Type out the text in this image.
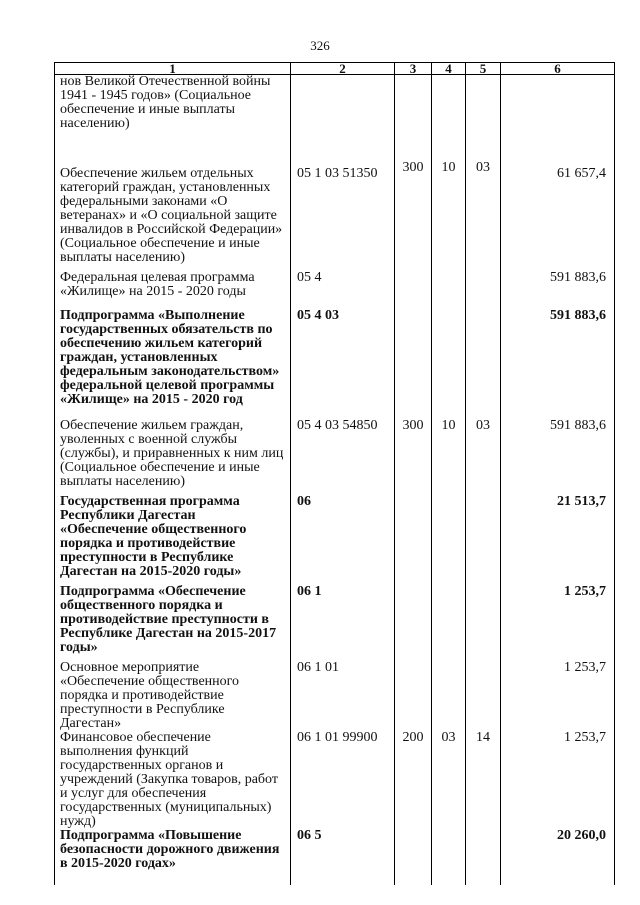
326
1	2	3	4	5	6
нов Великой Отечественной войны 1941 - 1945 годов» (Социальное обеспечение и иные выплаты населению)					
Обеспечение жильем отдельных категорий граждан, установленных федеральными законами «О ветеранах» и «О социальной защите инвалидов в Российской Федерации» (Социальное обеспечение и иные выплаты населению)	05 1 03 51350	300	10	03	61 657,4
Федеральная целевая программа «Жилище» на 2015 - 2020 годы	05 4				591 883,6
Подпрограмма «Выполнение государственных обязательств по обеспечению жильем категорий граждан, установленных федеральным законодательством» федеральной целевой программы «Жилище» на 2015 - 2020 год	05 4 03				591 883,6
Обеспечение жильем граждан, уволенных с военной службы (службы), и приравненных к ним лиц (Социальное обеспечение и иные выплаты населению)	05 4 03 54850	300	10	03	591 883,6
Государственная программа Республики Дагестан «Обеспечение общественного порядка и противодействие преступности в Республике Дагестан на 2015-2020 годы»	06				21 513,7
Подпрограмма «Обеспечение общественного порядка и противодействие преступности в Республике Дагестан на 2015-2017 годы»	06 1				1 253,7
Основное мероприятие «Обеспечение общественного порядка и противодействие преступности в Республике Дагестан»	06 1 01				1 253,7
Финансовое обеспечение выполнения функций государственных органов и учреждений (Закупка товаров, работ и услуг для обеспечения государственных (муниципальных) нужд)	06 1 01 99900	200	03	14	1 253,7
Подпрограмма «Повышение безопасности дорожного движения в 2015-2020 годах»	06 5				20 260,0
